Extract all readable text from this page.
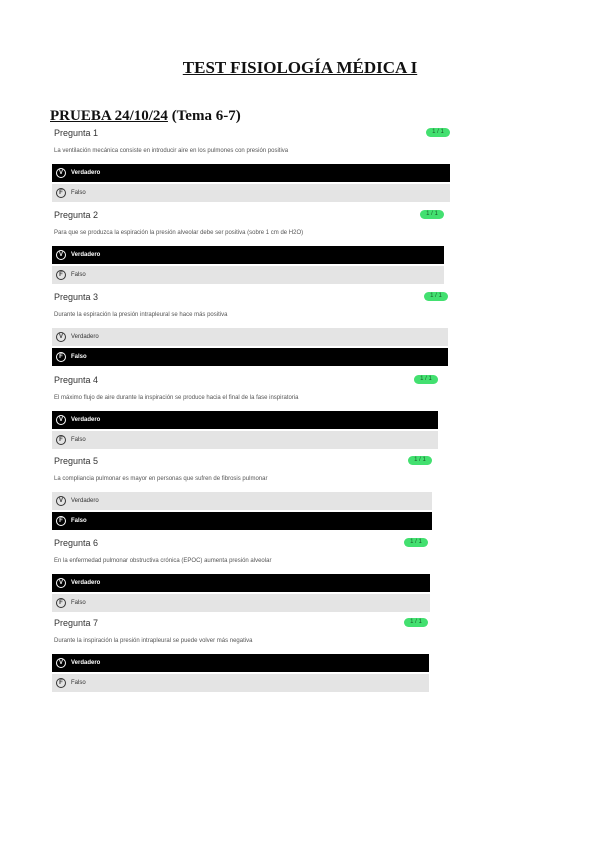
TEST FISIOLOGÍA MÉDICA I
PRUEBA 24/10/24 (Tema 6-7)
Pregunta 1	1 / 1
La ventilación mecánica consiste en introducir aire en los pulmones con presión positiva
V	Verdadero
F	Falso
Pregunta 2	1 / 1
Para que se produzca la espiración la presión alveolar debe ser positiva (sobre 1 cm de H2O)
V	Verdadero
F	Falso
Pregunta 3	1 / 1
Durante la espiración la presión intrapleural se hace más positiva
V	Verdadero
F	Falso
Pregunta 4	1 / 1
El máximo flujo de aire durante la inspiración se produce hacia el final de la fase inspiratoria
V	Verdadero
F	Falso
Pregunta 5	1 / 1
La compliancia pulmonar es mayor en personas que sufren de fibrosis pulmonar
V	Verdadero
F	Falso
Pregunta 6	1 / 1
En la enfermedad pulmonar obstructiva crónica (EPOC) aumenta presión alveolar
V	Verdadero
F	Falso
Pregunta 7	1 / 1
Durante la inspiración la presión intrapleural se puede volver más negativa
V	Verdadero
F	Falso
